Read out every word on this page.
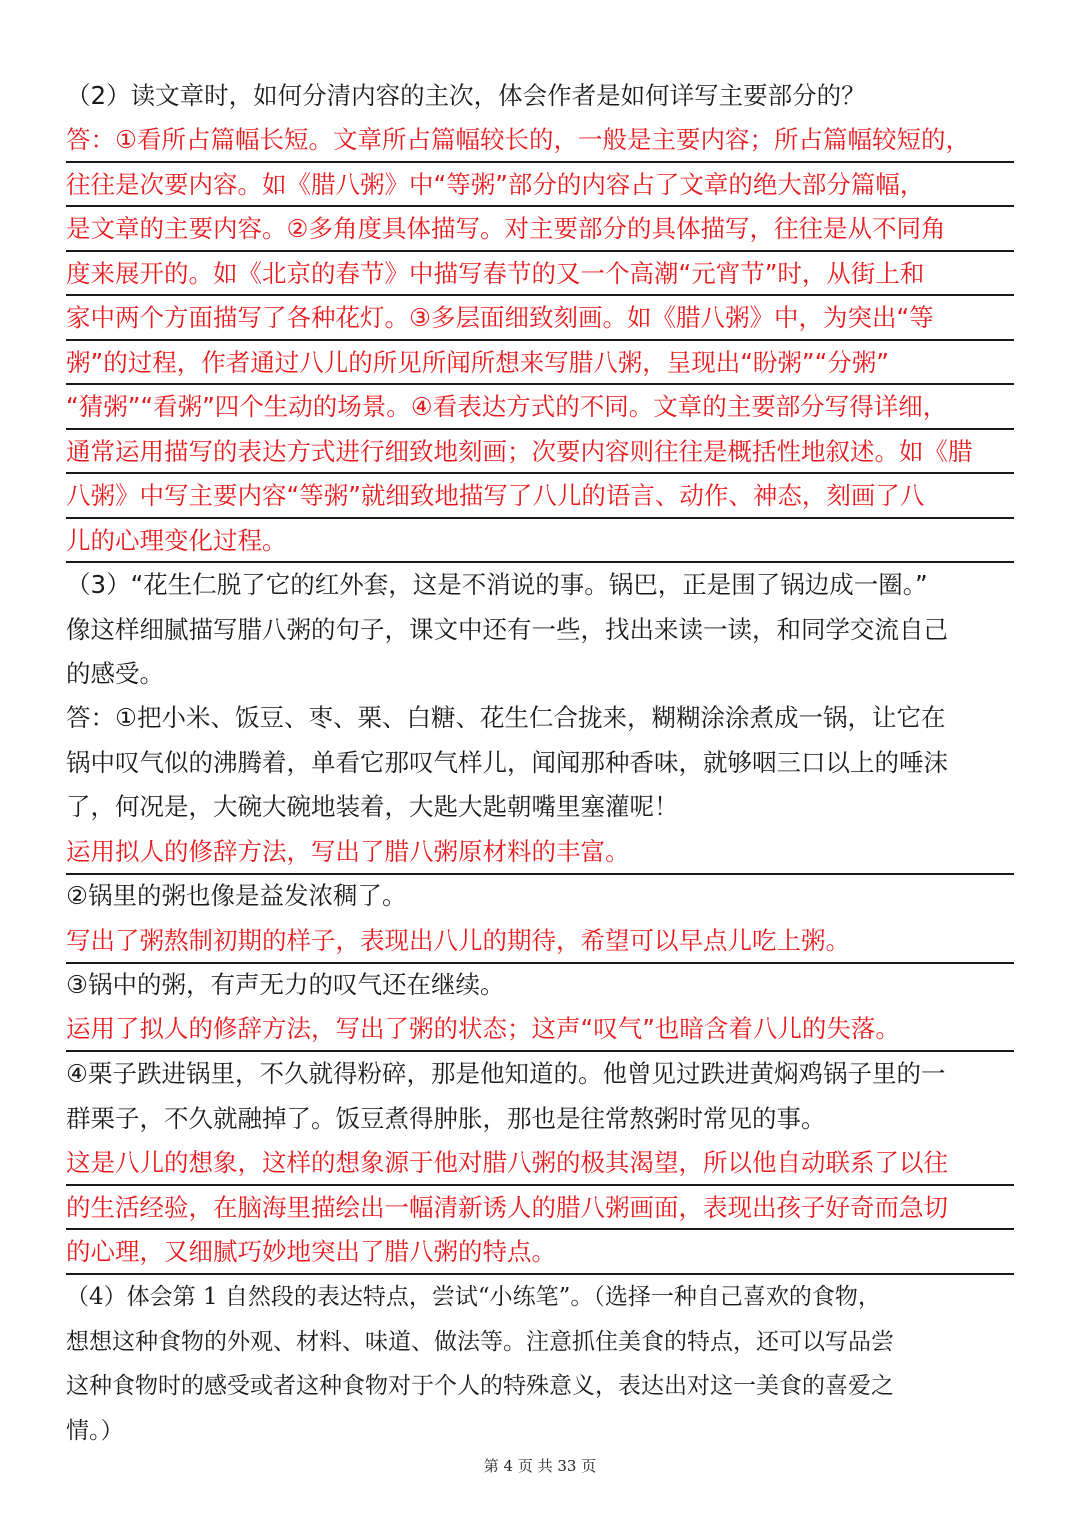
（2）读文章时，如何分清内容的主次，体会作者是如何详写主要部分的？
答：①看所占篇幅长短。文章所占篇幅较长的，一般是主要内容；所占篇幅较短的，
往往是次要内容。如《腊八粥》中“等粥”部分的内容占了文章的绝大部分篇幅，
是文章的主要内容。②多角度具体描写。对主要部分的具体描写，往往是从不同角
度来展开的。如《北京的春节》中描写春节的又一个高潮“元宵节”时，从街上和
家中两个方面描写了各种花灯。③多层面细致刻画。如《腊八粥》中，为突出“等
粥”的过程，作者通过八儿的所见所闻所想来写腊八粥，呈现出“盼粥”“分粥”
“猜粥”“看粥”四个生动的场景。④看表达方式的不同。文章的主要部分写得详细，
通常运用描写的表达方式进行细致地刻画；次要内容则往往是概括性地叙述。如《腊
八粥》中写主要内容“等粥”就细致地描写了八儿的语言、动作、神态，刻画了八
儿的心理变化过程。
（3）“花生仁脱了它的红外套，这是不消说的事。锅巴，正是围了锅边成一圈。”
像这样细腻描写腊八粥的句子，课文中还有一些，找出来读一读，和同学交流自己
的感受。
答：①把小米、饭豆、枣、栗、白糖、花生仁合拢来，糊糊涂涂煮成一锅，让它在
锅中叹气似的沸腾着，单看它那叹气样儿，闻闻那种香味，就够咽三口以上的唾沫
了，何况是，大碗大碗地装着，大匙大匙朝嘴里塞灌呢！
运用拟人的修辞方法，写出了腊八粥原材料的丰富。
②锅里的粥也像是益发浓稠了。
写出了粥熬制初期的样子，表现出八儿的期待，希望可以早点儿吃上粥。
③锅中的粥，有声无力的叹气还在继续。
运用了拟人的修辞方法，写出了粥的状态；这声“叹气”也暗含着八儿的失落。
④栗子跌进锅里，不久就得粉碎，那是他知道的。他曾见过跌进黄焖鸡锅子里的一
群栗子，不久就融掉了。饭豆煮得肿胀，那也是往常熬粥时常见的事。
这是八儿的想象，这样的想象源于他对腊八粥的极其渴望，所以他自动联系了以往
的生活经验，在脑海里描绘出一幅清新诱人的腊八粥画面，表现出孩子好奇而急切
的心理，又细腻巧妙地突出了腊八粥的特点。
（4）体会第 1 自然段的表达特点，尝试“小练笔”。（选择一种自己喜欢的食物，
想想这种食物的外观、材料、味道、做法等。注意抓住美食的特点，还可以写品尝
这种食物时的感受或者这种食物对于个人的特殊意义，表达出对这一美食的喜爱之
情。）
第 4 页 共 33 页
